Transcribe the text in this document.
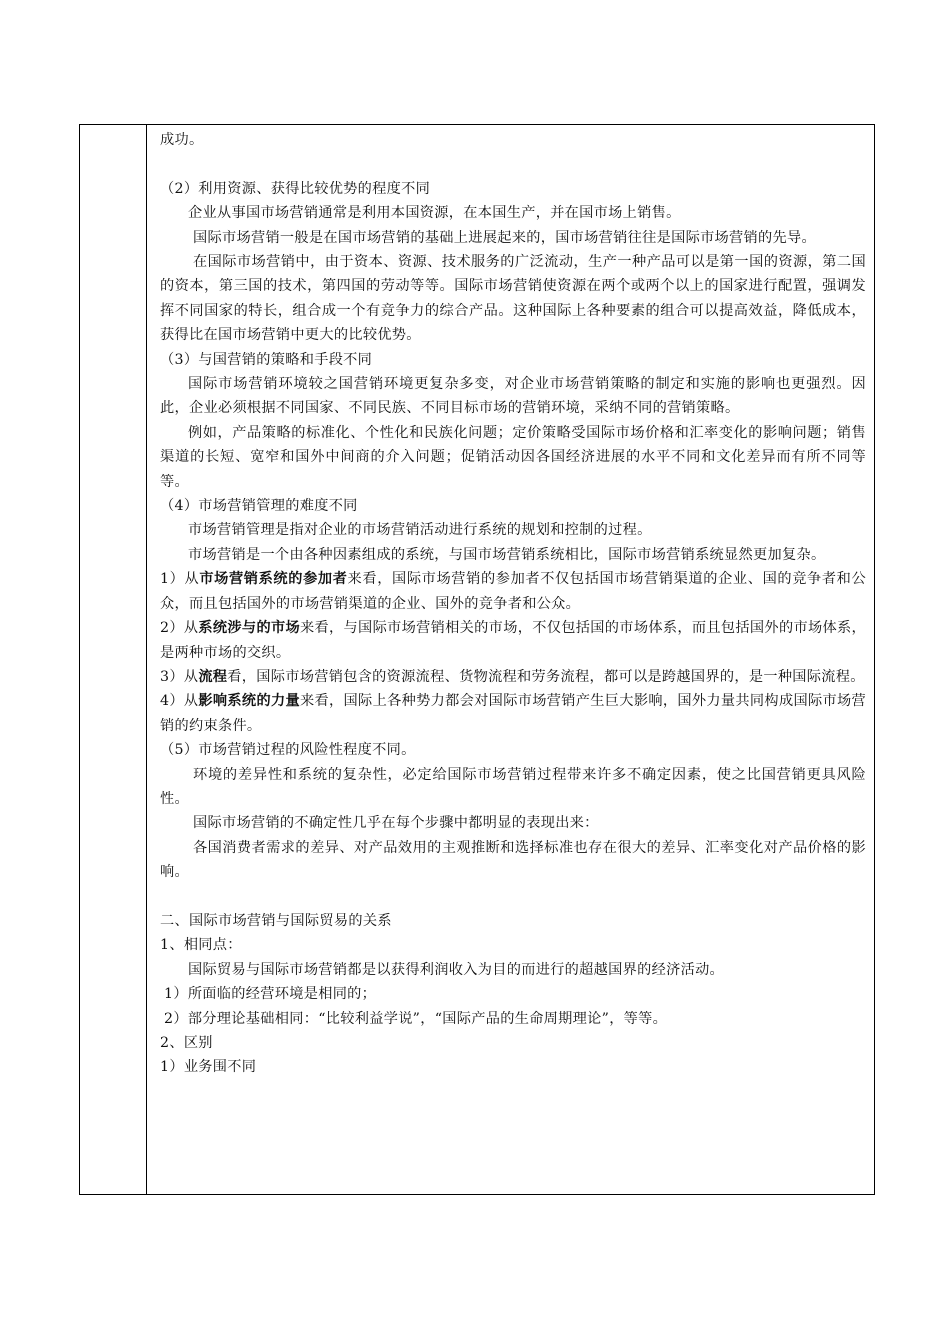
成功。

（2）利用资源、获得比较优势的程度不同

企业从事国市场营销通常是利用本国资源，在本国生产，并在国市场上销售。

国际市场营销一般是在国市场营销的基础上进展起来的，国市场营销往往是国际市场营销的先导。

在国际市场营销中，由于资本、资源、技术服务的广泛流动，生产一种产品可以是第一国的资源，第二国的资本，第三国的技术，第四国的劳动等等。国际市场营销使资源在两个或两个以上的国家进行配置，强调发挥不同国家的特长，组合成一个有竞争力的综合产品。这种国际上各种要素的组合可以提高效益，降低成本，获得比在国市场营销中更大的比较优势。

（3）与国营销的策略和手段不同

国际市场营销环境较之国营销环境更复杂多变，对企业市场营销策略的制定和实施的影响也更强烈。因此，企业必须根据不同国家、不同民族、不同目标市场的营销环境，采纳不同的营销策略。

例如，产品策略的标准化、个性化和民族化问题；定价策略受国际市场价格和汇率变化的影响问题；销售渠道的长短、宽窄和国外中间商的介入问题；促销活动因各国经济进展的水平不同和文化差异而有所不同等等。

（4）市场营销管理的难度不同

市场营销管理是指对企业的市场营销活动进行系统的规划和控制的过程。

市场营销是一个由各种因素组成的系统，与国市场营销系统相比，国际市场营销系统显然更加复杂。

1）从市场营销系统的参加者来看，国际市场营销的参加者不仅包括国市场营销渠道的企业、国的竞争者和公众，而且包括国外的市场营销渠道的企业、国外的竞争者和公众。

2）从系统涉与的市场来看，与国际市场营销相关的市场，不仅包括国的市场体系，而且包括国外的市场体系，是两种市场的交织。

3）从流程看，国际市场营销包含的资源流程、货物流程和劳务流程，都可以是跨越国界的，是一种国际流程。

4）从影响系统的力量来看，国际上各种势力都会对国际市场营销产生巨大影响，国外力量共同构成国际市场营销的约束条件。

（5）市场营销过程的风险性程度不同。

环境的差异性和系统的复杂性，必定给国际市场营销过程带来许多不确定因素，使之比国营销更具风险性。

国际市场营销的不确定性几乎在每个步骤中都明显的表现出来：

各国消费者需求的差异、对产品效用的主观推断和选择标准也存在很大的差异、汇率变化对产品价格的影响。

二、国际市场营销与国际贸易的关系

1、相同点：

国际贸易与国际市场营销都是以获得利润收入为目的而进行的超越国界的经济活动。

1）所面临的经营环境是相同的；

2）部分理论基础相同：“比较利益学说”，“国际产品的生命周期理论”，等等。

2、区别

1）业务围不同
